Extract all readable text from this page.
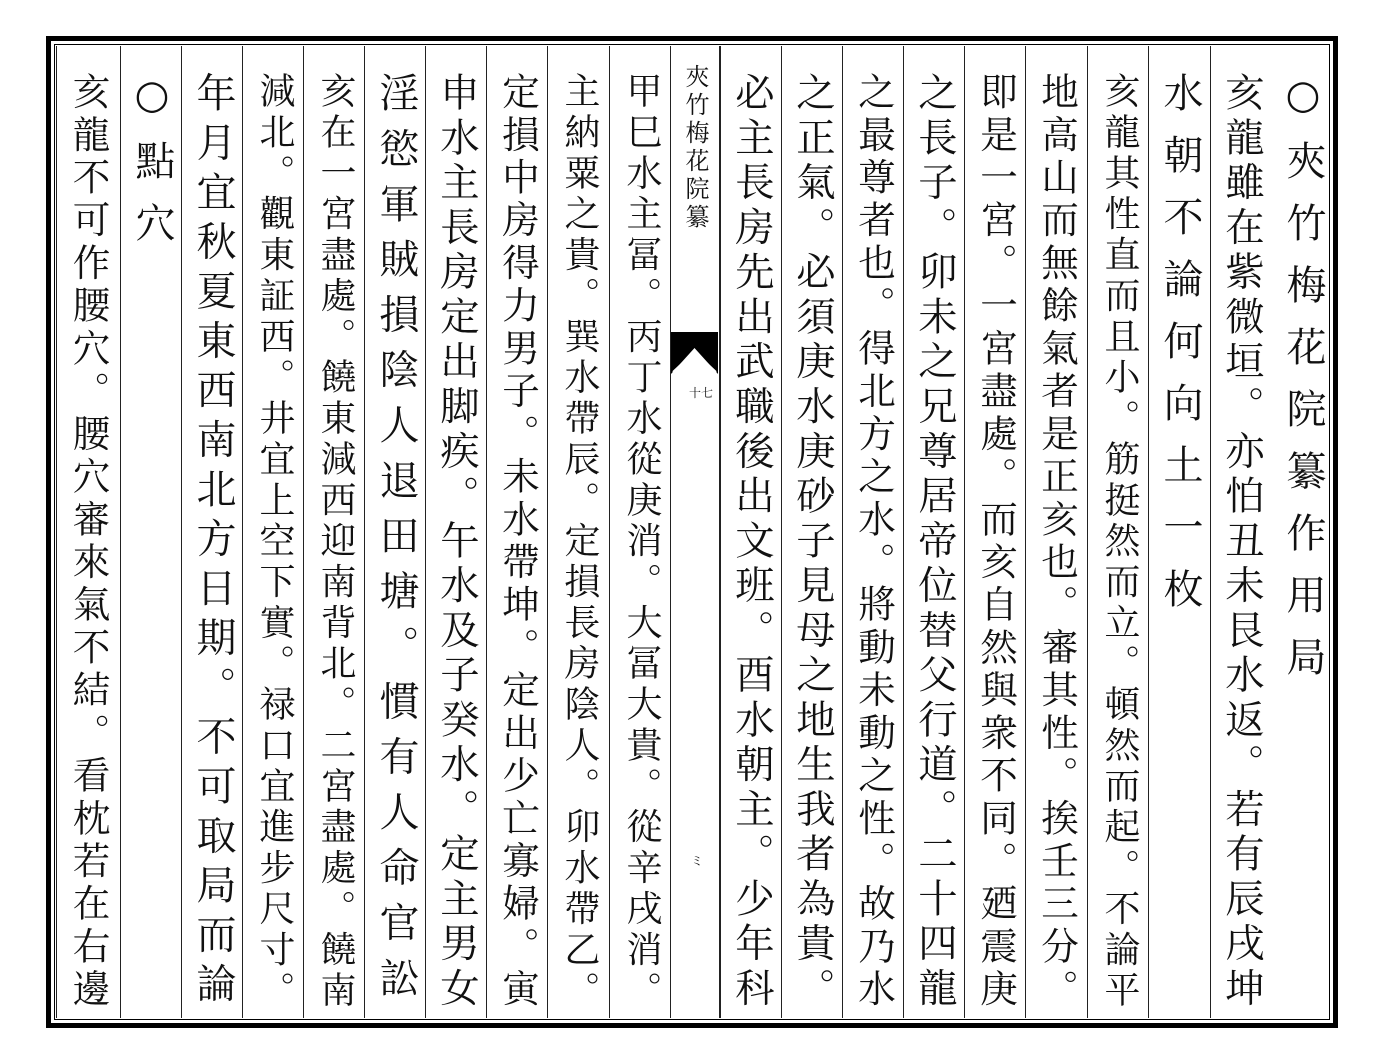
○夾竹梅花院纂作用局
亥龍雖在紫微垣。亦怕丑未艮水返。若有辰戌坤
水朝不論何向土一枚
亥龍其性直而且小。筋挺然而立。頓然而起。不論平
地高山而無餘氣者是正亥也。審其性。挨壬三分。
即是一宮。一宮盡處。而亥自然與衆不同。廼震庚
之長子。卯未之兄尊居帝位替父行道。二十四龍
之最尊者也。得北方之水。將動未動之性。故乃水
之正氣。必須庚水庚砂子見母之地生我者為貴。
必主長房先出武職後出文班。酉水朝主。少年科
夾竹梅花院纂
十七
ミ
甲巳水主冨。丙丁水從庚消。大冨大貴。從辛戌消。
主納粟之貴。巽水帶辰。定損長房陰人。卯水帶乙。
定損中房得力男子。未水帶坤。定出少亡寡婦。寅
申水主長房定出脚疾。午水及子癸水。定主男女
淫慾軍賊損陰人退田塘。慣有人命官訟
亥在一宮盡處。饒東減西迎南背北。二宮盡處。饒南
減北。觀東証西。井宜上空下實。禄口宜進步尺寸。
年月宜秋夏東西南北方日期。不可取局而論
○點穴
亥龍不可作腰穴。腰穴審來氣不結。看枕若在右邊
